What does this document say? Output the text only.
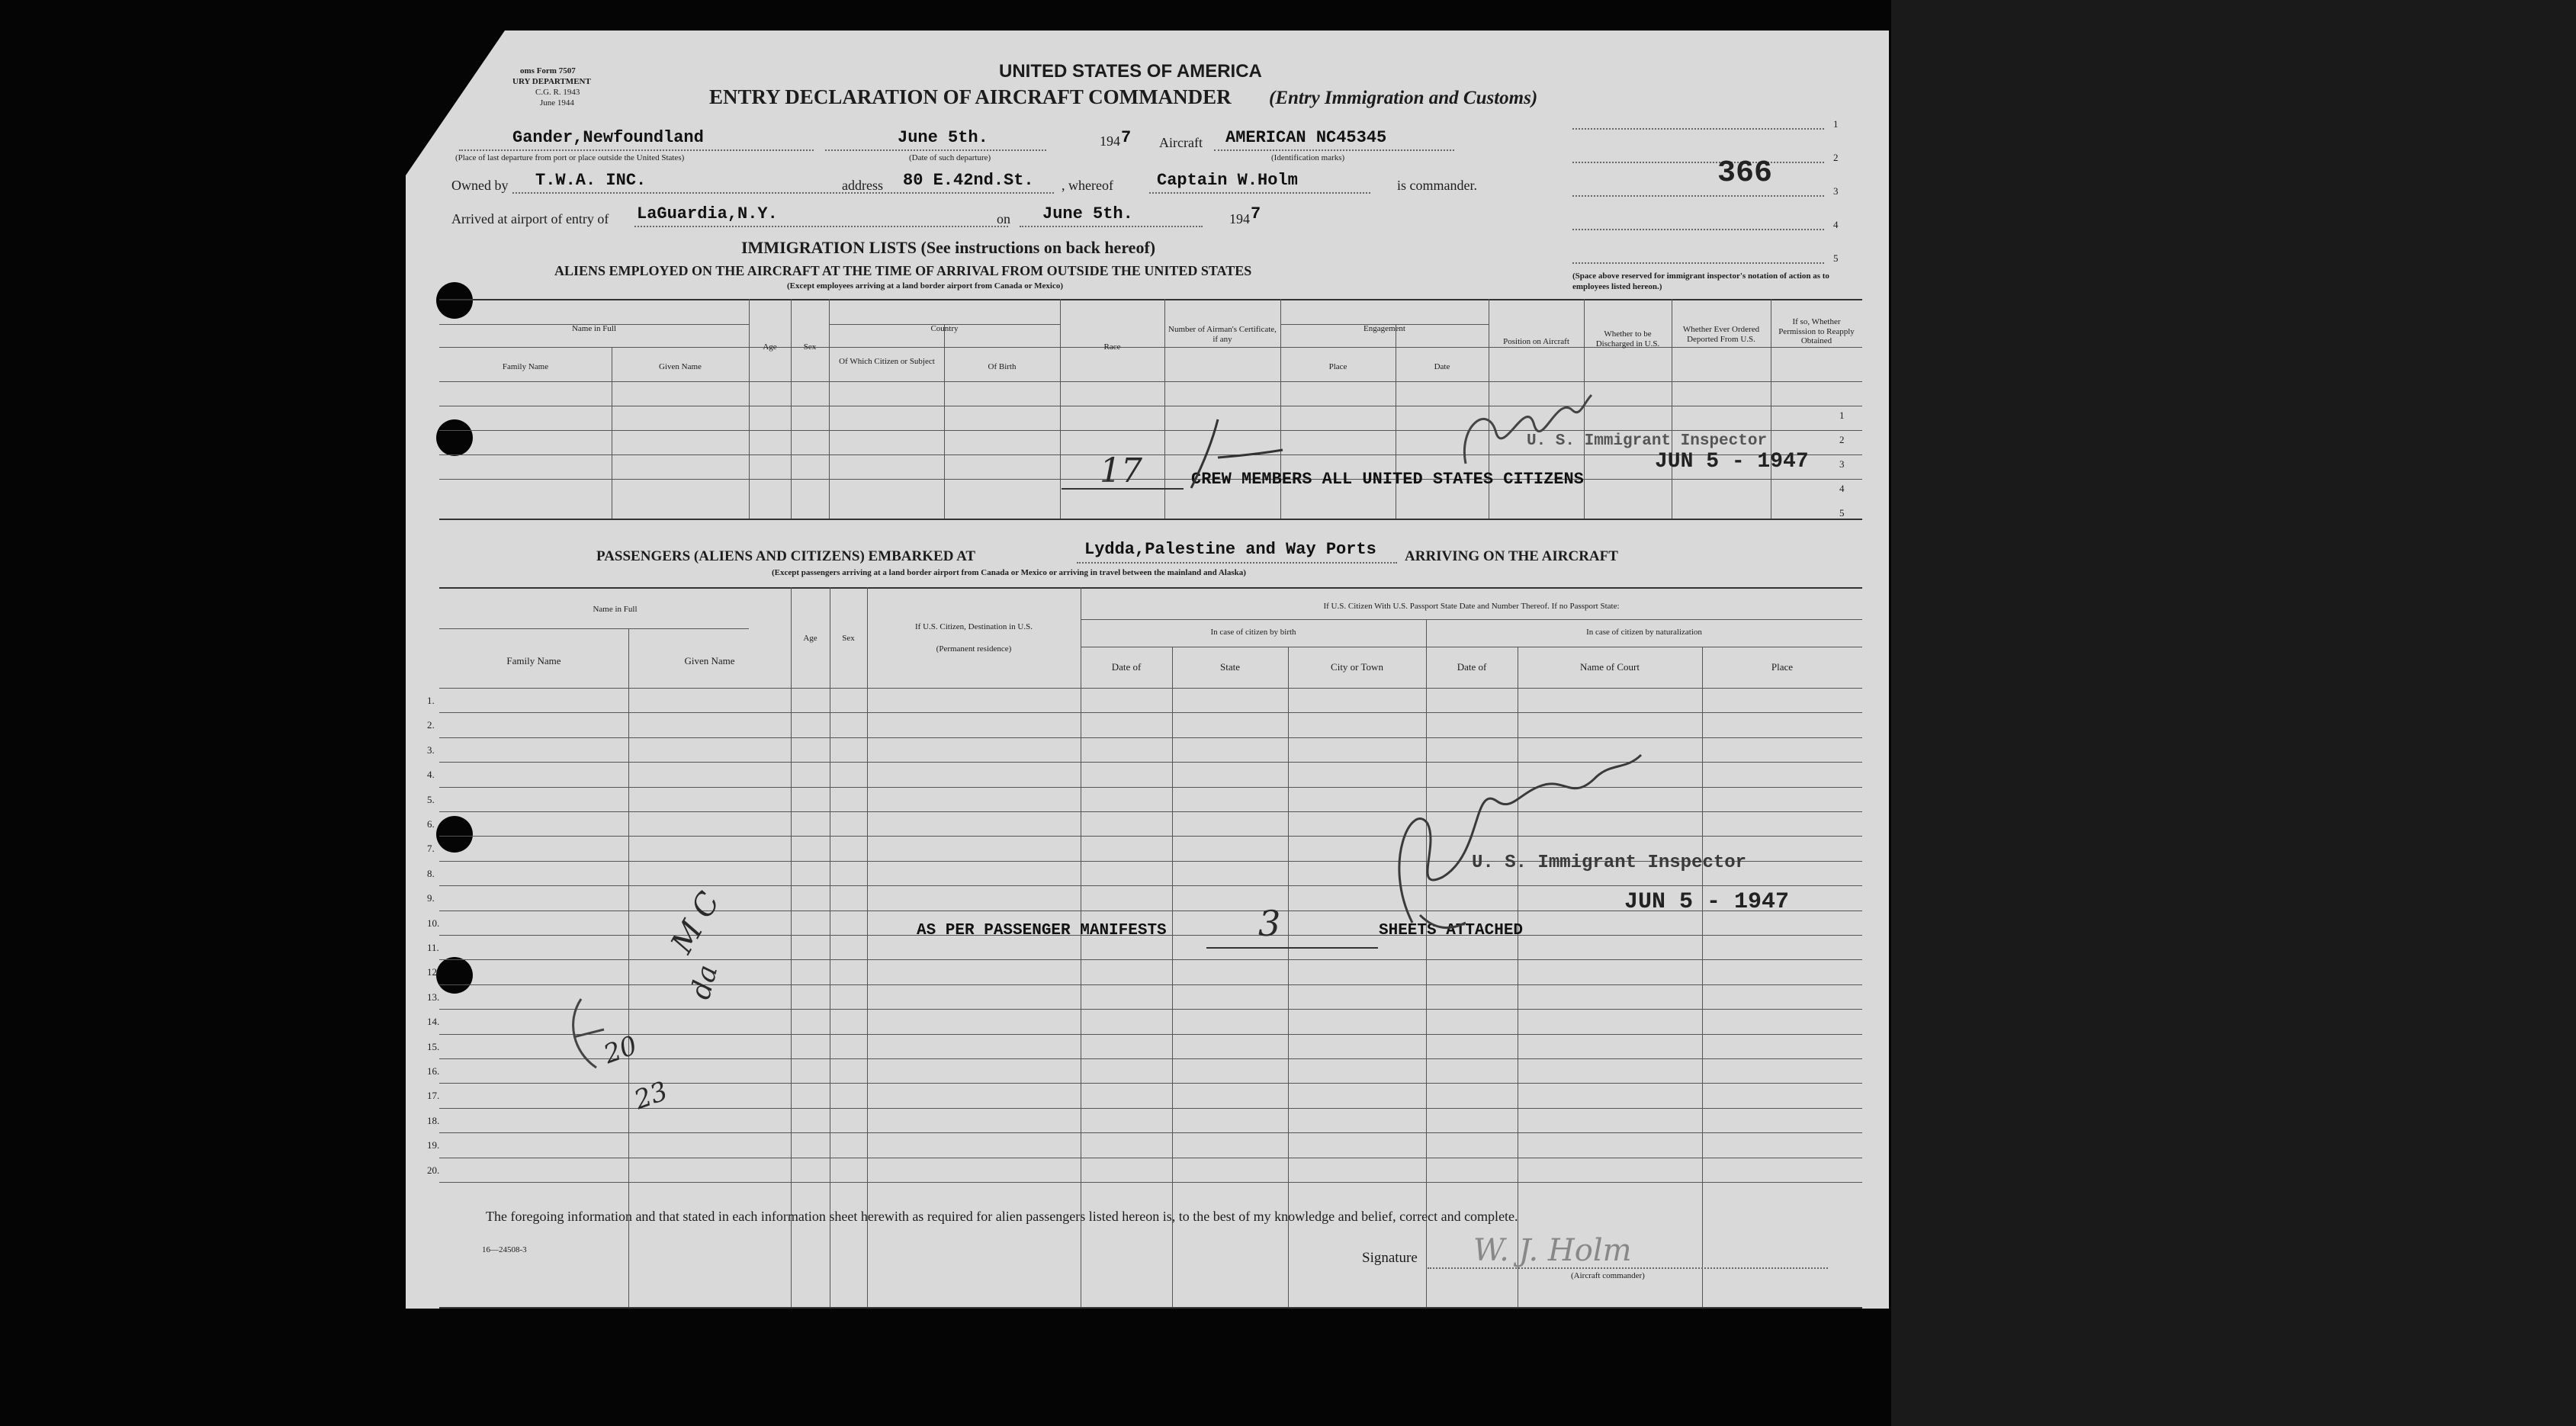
oms Form 7507
URY DEPARTMENT
C.G. R. 1943
June 1944
UNITED STATES OF AMERICA
ENTRY DECLARATION OF AIRCRAFT COMMANDER (Entry Immigration and Customs)
Gander,Newfoundland
(Place of last departure from port or place outside the United States)
June 5th.	194 7
(Date of such departure)
Aircraft AMERICAN NC45345
(Identification marks)
Owned by T.W.A. INC.	address 80 E.42nd.St. , whereof	Captain W.Holm	is commander.
Arrived at airport of entry of LaGuardia,N.Y.	on June 5th.	194 7
1
2
3
4
5
366
(Space above reserved for immigrant inspector's notation of action as to employees listed hereon.)
IMMIGRATION LISTS (See instructions on back hereof)
ALIENS EMPLOYED ON THE AIRCRAFT AT THE TIME OF ARRIVAL FROM OUTSIDE THE UNITED STATES
(Except employees arriving at a land border airport from Canada or Mexico)
Name in Full
Family Name	Given Name
Age	Sex
Country
Of Which Citizen or Subject
Of Birth
Race
Number of Airman's Certificate, if any
Engagement
Place	Date
Position on Aircraft
Whether to be Discharged in U.S.
Whether Ever Ordered Deported From U.S.
If so, Whether Permission to Reapply Obtained
1
2
3
4
5
17	CREW MEMBERS ALL UNITED STATES CITIZENS
U. S. Immigrant Inspector
JUN 5 - 1947
PASSENGERS (ALIENS AND CITIZENS) EMBARKED AT	Lydda,Palestine and Way Ports ARRIVING ON THE AIRCRAFT
(Except passengers arriving at a land border airport from Canada or Mexico or arriving in travel between the mainland and Alaska)
Name in Full
Family Name	Given Name
Age	Sex
If U.S. Citizen, Destination in U.S.
(Permanent residence)
If U.S. Citizen With U.S. Passport State Date and Number Thereof. If no Passport State:
In case of citizen by birth	In case of citizen by naturalization
Date of	State	City or Town	Date of	Name of Court	Place
1.
2.
3.
4.
5.
6.
7.
8.
9.
10.
11.
12.
13.
14.
15.
16.
17.
18.
19.
20.
AS PER PASSENGER MANIFESTS	3	SHEETS ATTACHED
U. S. Immigrant Inspector
JUN 5 - 1947
M C
da
20
23
The foregoing information and that stated in each information sheet herewith as required for alien passengers listed hereon is, to the best of my knowledge and belief, correct and complete.
16—24508-3	Signature W. J. Holm
(Aircraft commander)
